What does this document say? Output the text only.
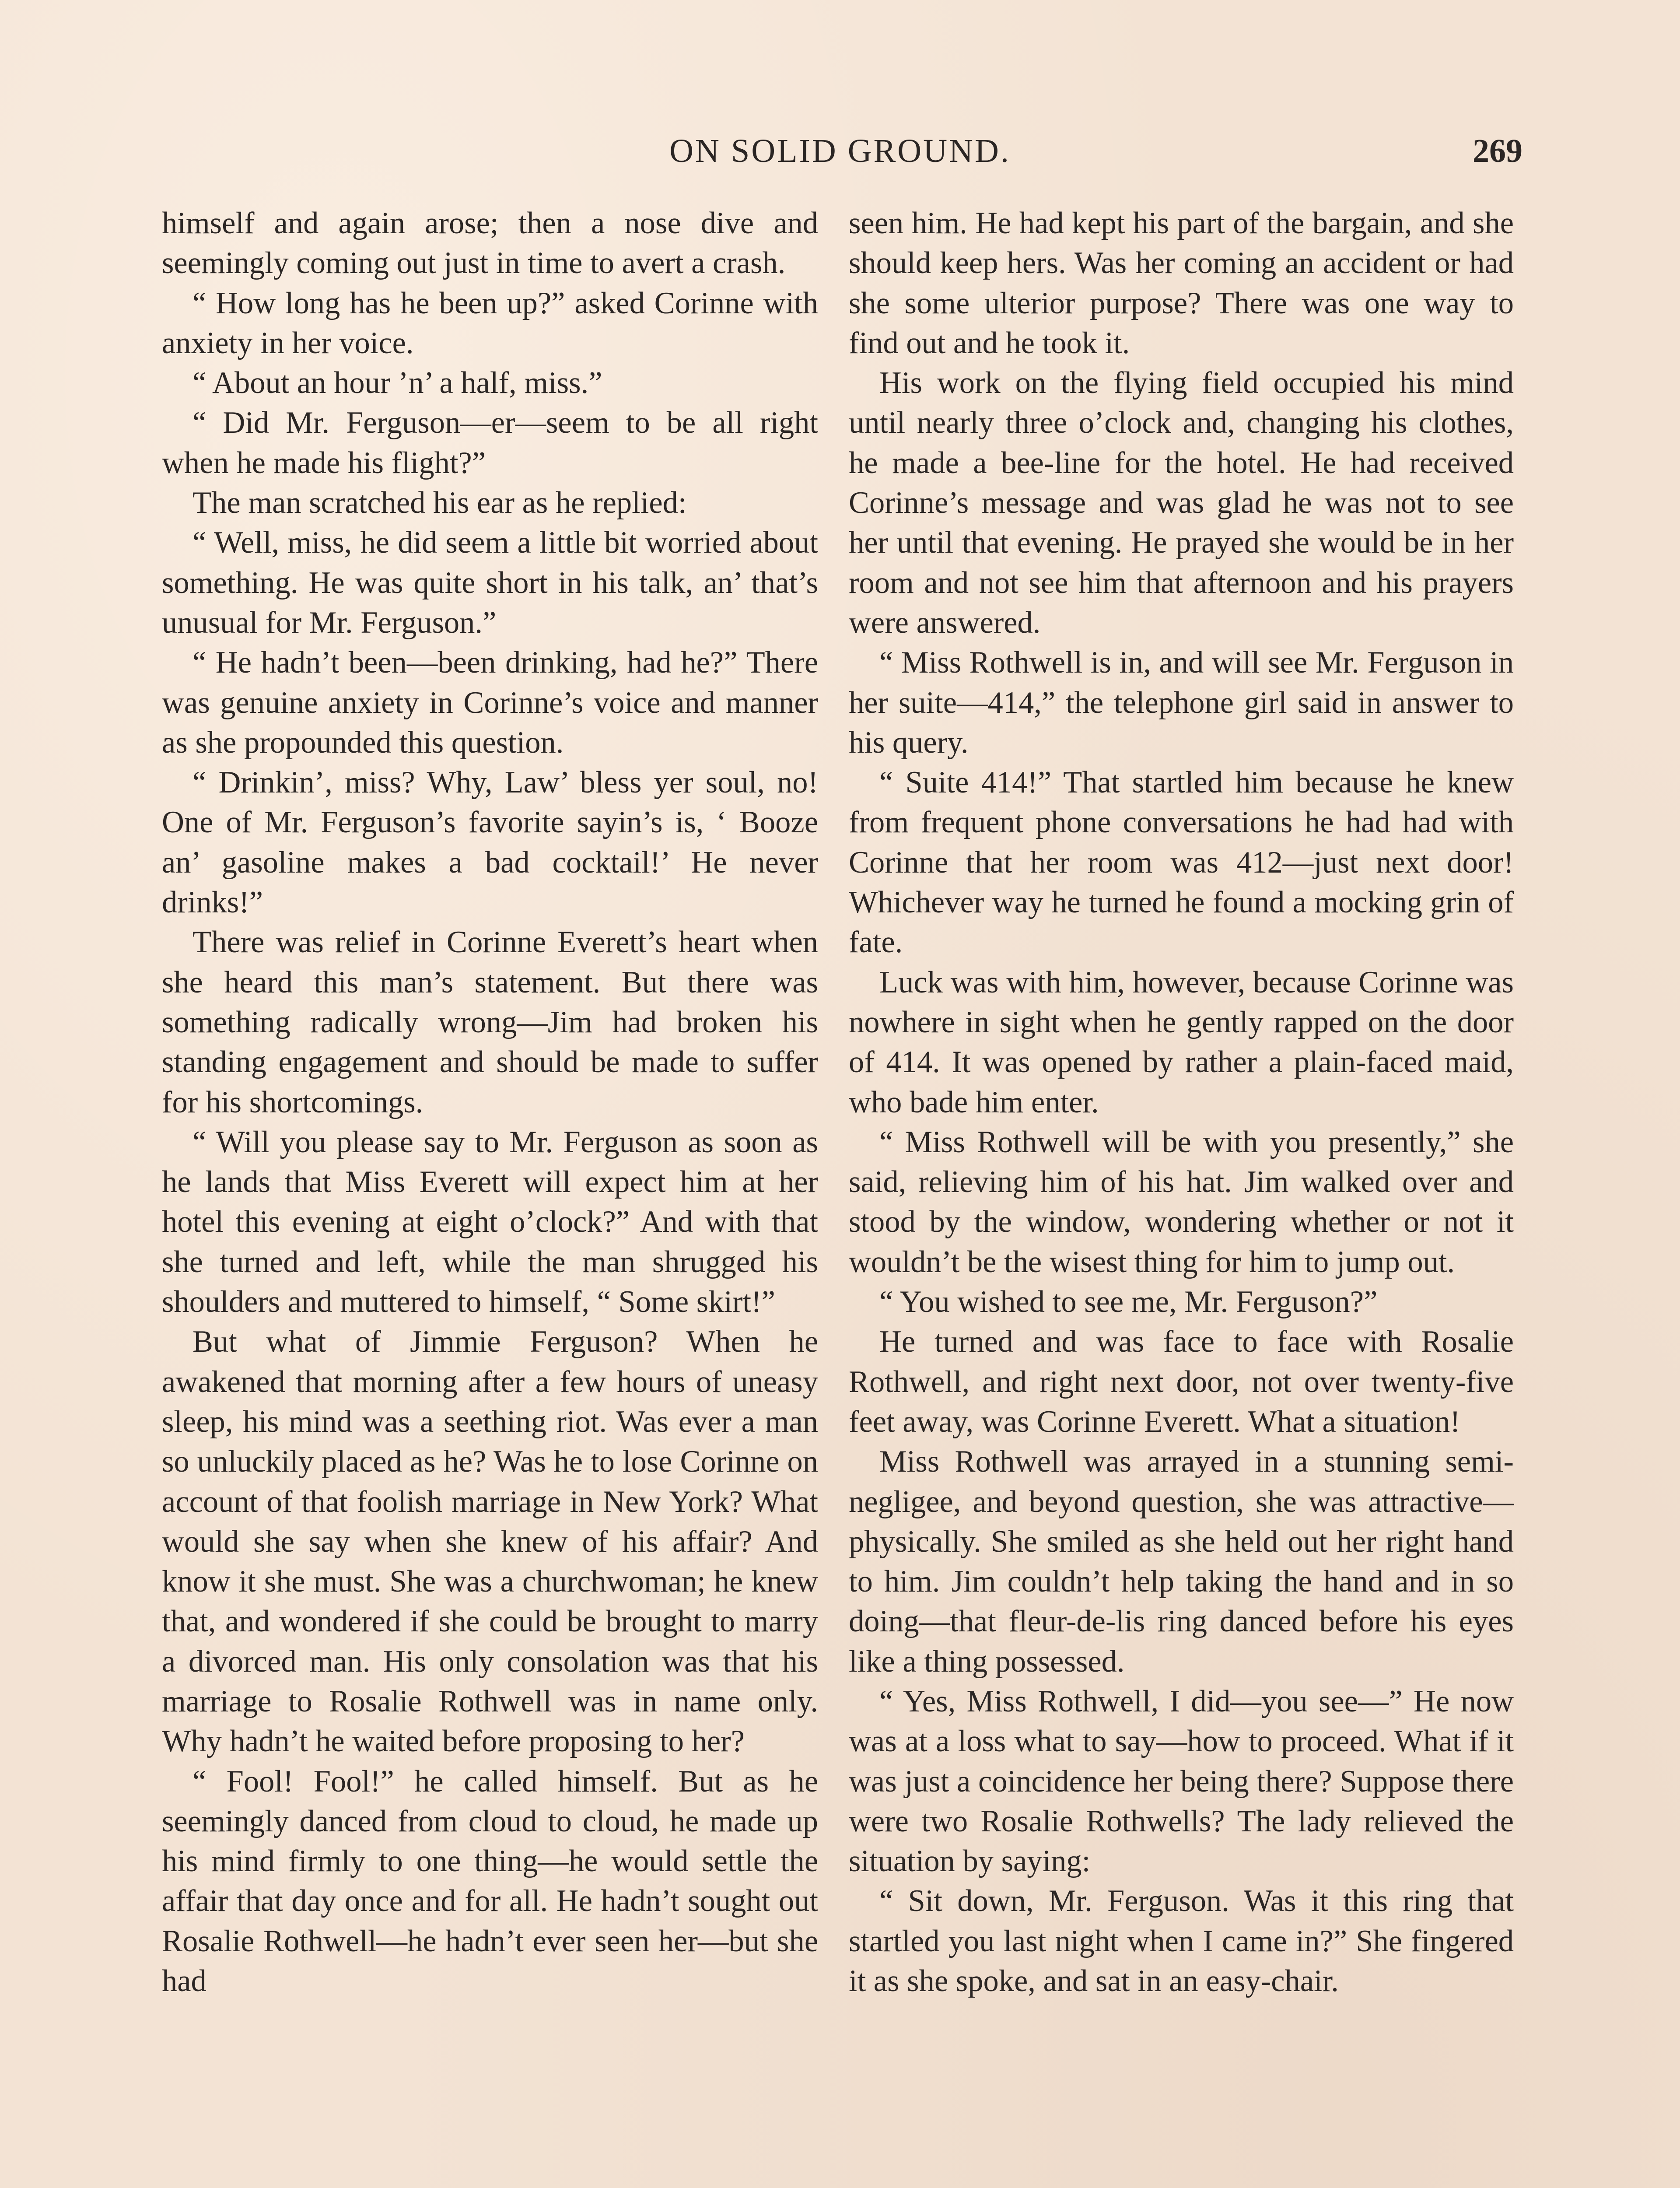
ON SOLID GROUND.	269

himself and again arose; then a nose dive and seemingly coming out just in time to avert a crash.

“ How long has he been up?” asked Corinne with anxiety in her voice.

“ About an hour ’n’ a half, miss.”

“ Did Mr. Ferguson—er—seem to be all right when he made his flight?”

The man scratched his ear as he replied:

“ Well, miss, he did seem a little bit worried about something. He was quite short in his talk, an’ that’s unusual for Mr. Ferguson.”

“ He hadn’t been—been drinking, had he?” There was genuine anxiety in Corinne’s voice and manner as she propounded this question.

“ Drinkin’, miss? Why, Law’ bless yer soul, no! One of Mr. Ferguson’s favorite sayin’s is, ‘ Booze an’ gasoline makes a bad cocktail!’ He never drinks!”

There was relief in Corinne Everett’s heart when she heard this man’s statement. But there was something radically wrong—Jim had broken his standing engagement and should be made to suffer for his shortcomings.

“ Will you please say to Mr. Ferguson as soon as he lands that Miss Everett will expect him at her hotel this evening at eight o’clock?” And with that she turned and left, while the man shrugged his shoulders and muttered to himself, “ Some skirt!”

But what of Jimmie Ferguson? When he awakened that morning after a few hours of uneasy sleep, his mind was a seething riot. Was ever a man so unluckily placed as he? Was he to lose Corinne on account of that foolish marriage in New York? What would she say when she knew of his affair? And know it she must. She was a churchwoman; he knew that, and wondered if she could be brought to marry a divorced man. His only consolation was that his marriage to Rosalie Rothwell was in name only. Why hadn’t he waited before proposing to her?

“ Fool! Fool!” he called himself. But as he seemingly danced from cloud to cloud, he made up his mind firmly to one thing—he would settle the affair that day once and for all. He hadn’t sought out Rosalie Rothwell—he hadn’t ever seen her—but she had

seen him. He had kept his part of the bargain, and she should keep hers. Was her coming an accident or had she some ulterior purpose? There was one way to find out and he took it.

His work on the flying field occupied his mind until nearly three o’clock and, changing his clothes, he made a bee-line for the hotel. He had received Corinne’s message and was glad he was not to see her until that evening. He prayed she would be in her room and not see him that afternoon and his prayers were answered.

“ Miss Rothwell is in, and will see Mr. Ferguson in her suite—414,” the telephone girl said in answer to his query.

“ Suite 414!” That startled him because he knew from frequent phone conversations he had had with Corinne that her room was 412—just next door! Whichever way he turned he found a mocking grin of fate.

Luck was with him, however, because Corinne was nowhere in sight when he gently rapped on the door of 414. It was opened by rather a plain-faced maid, who bade him enter.

“ Miss Rothwell will be with you presently,” she said, relieving him of his hat. Jim walked over and stood by the window, wondering whether or not it wouldn’t be the wisest thing for him to jump out.

“ You wished to see me, Mr. Ferguson?”

He turned and was face to face with Rosalie Rothwell, and right next door, not over twenty-five feet away, was Corinne Everett. What a situation!

Miss Rothwell was arrayed in a stunning semi-negligee, and beyond question, she was attractive—physically. She smiled as she held out her right hand to him. Jim couldn’t help taking the hand and in so doing—that fleur-de-lis ring danced before his eyes like a thing possessed.

“ Yes, Miss Rothwell, I did—you see—” He now was at a loss what to say—how to proceed. What if it was just a coincidence her being there? Suppose there were two Rosalie Rothwells? The lady relieved the situation by saying:

“ Sit down, Mr. Ferguson. Was it this ring that startled you last night when I came in?” She fingered it as she spoke, and sat in an easy-chair.
